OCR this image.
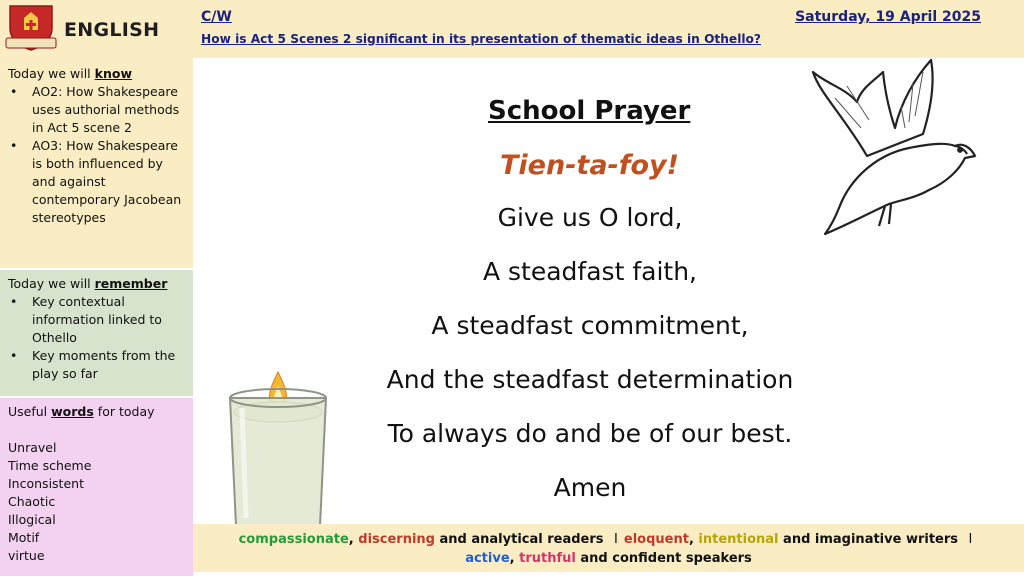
ENGLISH
C/W	Saturday, 19 April 2025
How is Act 5 Scenes 2 significant in its presentation of thematic ideas in Othello?
Today we will know
• AO2: How Shakespeare uses authorial methods in Act 5 scene 2
• AO3: How Shakespeare is both influenced by and against contemporary Jacobean stereotypes
Today we will remember
• Key contextual information linked to Othello
• Key moments from the play so far
Useful words for today
Unravel
Time scheme
Inconsistent
Chaotic
Illogical
Motif
virtue
School Prayer
Tien-ta-foy!
Give us O lord,
A steadfast faith,
A steadfast commitment,
And the steadfast determination
To always do and be of our best.
Amen
compassionate, discerning and analytical readers I eloquent, intentional and imaginative writers I
active, truthful and confident speakers
